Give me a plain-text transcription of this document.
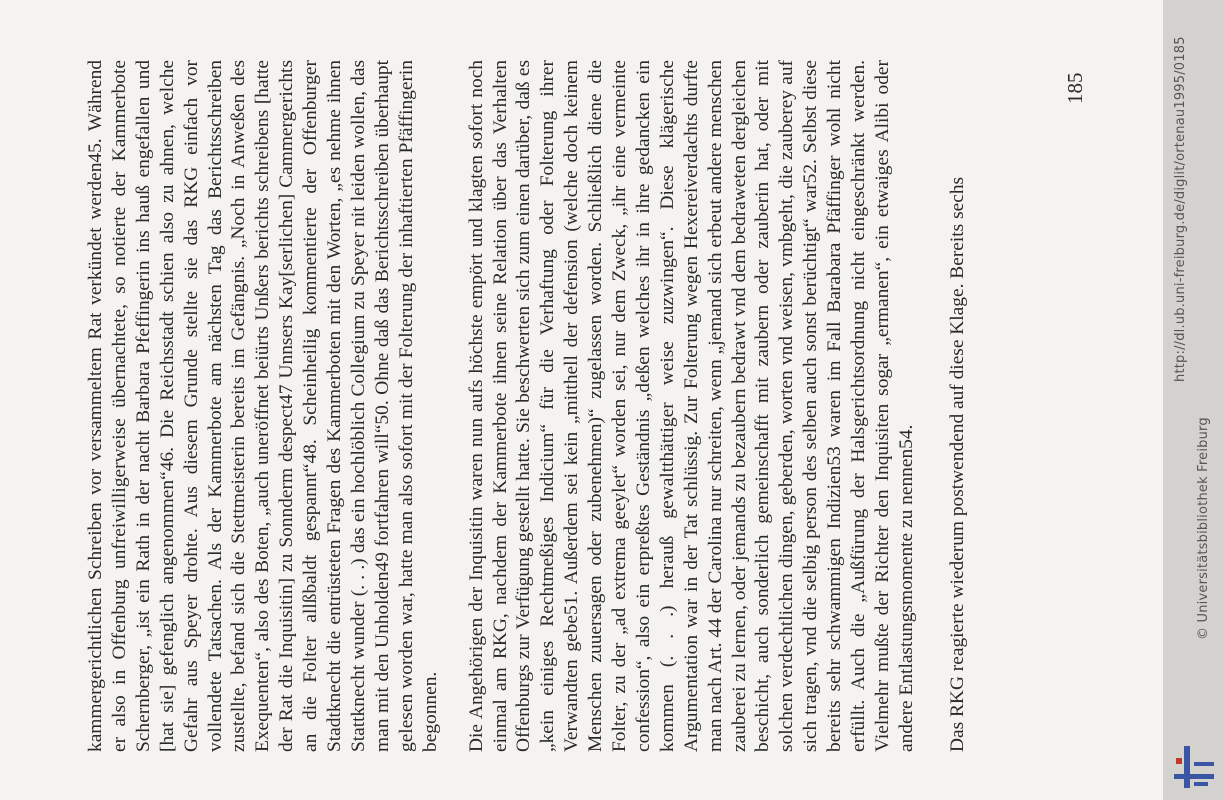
kammergerichtlichen Schreiben vor versammeltem Rat verkündet werden45. Während er also in Offenburg unfreiwilligerweise übernachtete, so notierte der Kammerbote Schernberger, „ist ein Rath in der nacht Barbara Pfeffingerin ins hauß engefallen und [hat sie] gefenglich angenommen“46. Die Reichsstadt schien also zu ahnen, welche Gefahr aus Speyer drohte. Aus diesem Grunde stellte sie das RKG einfach vor vollendete Tatsachen. Als der Kammerbote am nächsten Tag das Berichtsschreiben zustellte, befand sich die Stettmeisterin bereits im Gefängnis. „Noch in Anweßen des Exequenten“, also des Boten, „auch uneröffnet beiürts Unßers berichts schreibens [hatte der Rat die Inquisitin] zu Sonnderm despect47 Unnsers Kay[serlichen] Cammergerichts an die Folter allßbaldt gespannt“48. Scheinheilig kommentierte der Offenburger Stadtknecht die entrüsteten Fragen des Kammerboten mit den Worten, „es nehme ihnen Stattknecht wunder (. . .) das ein hochlöblich Collegium zu Speyer nit leiden wollen, das man mit den Unholden49 fortfahren will“50. Ohne daß das Berichtsschreiben überhaupt gelesen worden war, hatte man also sofort mit der Folterung der inhaftierten Pfäffingerin begonnen. Die Angehörigen der Inquisitin waren nun aufs höchste empört und klagten sofort noch einmal am RKG, nachdem der Kammerbote ihnen seine Relation über das Verhalten Offenburgs zur Verfügung gestellt hatte. Sie beschwerten sich zum einen darüber, daß es „kein einiges Rechtmeßiges Indicium“ für die Verhaftung oder Folterung ihrer Verwandten gebe51. Außerdem sei kein „mitthell der defension (welche doch keinem Menschen zuuersagen oder zubenehmen)“ zugelassen worden. Schließlich diene die Folter, zu der „ad extrema geeylet“ worden sei, nur dem Zweck, „ihr eine vermeinte confession“, also ein erpreßtes Geständnis „deßen welches ihr in ihre gedancken ein kommen (. . .) herauß gewaltthättiger weise zuzwingen“. Diese klägerische Argumentation war in der Tat schlüssig. Zur Folterung wegen Hexereiverdachts durfte man nach Art. 44 der Carolina nur schreiten, wenn „jemand sich erbeut andere menschen zauberei zu lernen, oder jemands zu bezaubern bedrawt vnd dem bedraweten dergleichen beschicht, auch sonderlich gemeinschafft mit zaubern oder zauberin hat, oder mit solchen verdechtlichen dingen, geberden, worten vnd weisen, vmbgeht, die zauberey auf sich tragen, vnd die selbig person des selben auch sonst berüchtigt“ war52. Selbst diese bereits sehr schwammigen Indizien53 waren im Fall Barabara Pfäffinger wohl nicht erfüllt. Auch die „Außfürung der Halsgerichtsordnung nicht eingeschränkt werden. Vielmehr mußte der Richter den Inquisiten sogar „ermanen“, ein etwaiges Alibi oder andere Entlastungsmomente zu nennen54. Das RKG reagierte wiederum postwendend auf diese Klage. Bereits sechs

185	http://dl.ub.uni-freiburg.de/diglit/ortenau1995/0185
© Universitätsbibliothek Freiburg
